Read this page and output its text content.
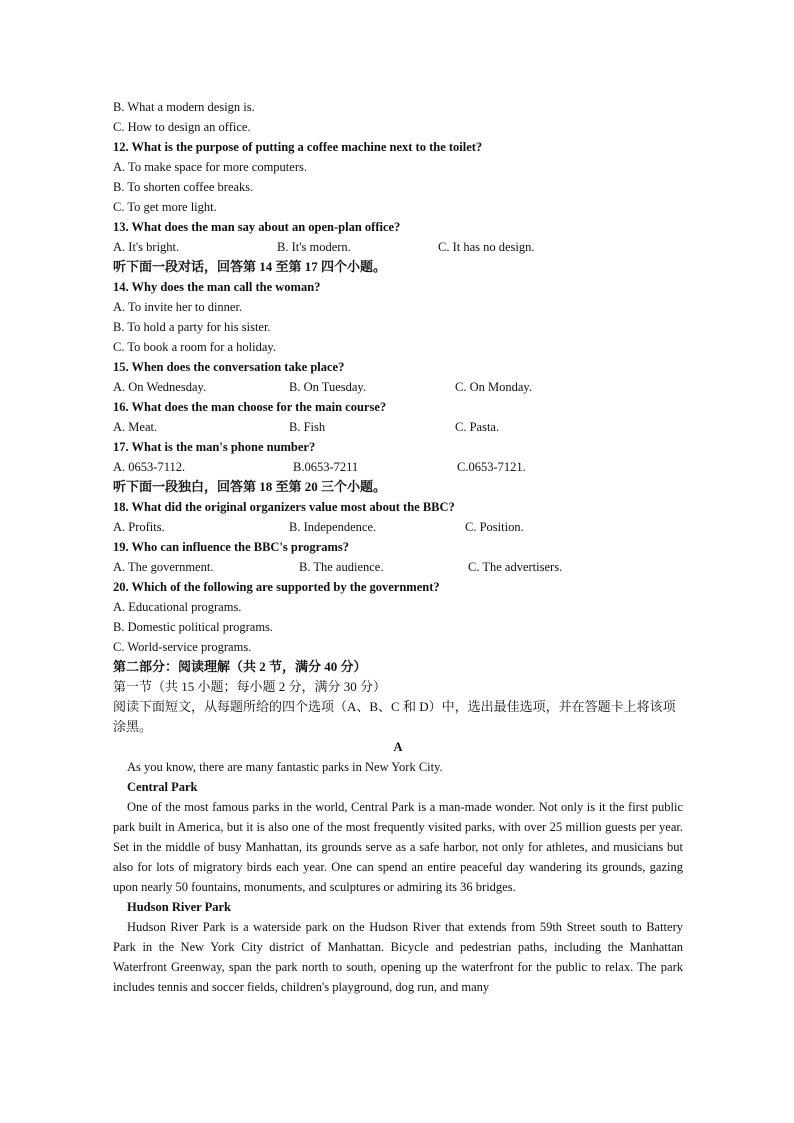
B. What a modern design is.
C. How to design an office.
12. What is the purpose of putting a coffee machine next to the toilet?
A. To make space for more computers.
B. To shorten coffee breaks.
C. To get more light.
13. What does the man say about an open-plan office?
A. It's bright.	B. It's modern.	C. It has no design.
听下面一段对话，回答第 14 至第 17 四个小题。
14. Why does the man call the woman?
A. To invite her to dinner.
B. To hold a party for his sister.
C. To book a room for a holiday.
15. When does the conversation take place?
A. On Wednesday.	B. On Tuesday.	C. On Monday.
16. What does the man choose for the main course?
A. Meat.	B. Fish	C. Pasta.
17. What is the man's phone number?
A. 0653-7112.	B.0653-7211	C.0653-7121.
听下面一段独白，回答第 18 至第 20 三个小题。
18. What did the original organizers value most about the BBC?
A. Profits.	B. Independence.	C. Position.
19. Who can influence the BBC's programs?
A. The government.	B. The audience.	C. The advertisers.
20. Which of the following are supported by the government?
A. Educational programs.
B. Domestic political programs.
C. World-service programs.
第二部分：阅读理解（共 2 节，满分 40 分）
第一节（共 15 小题；每小题 2 分，满分 30 分）
阅读下面短文，从每题所给的四个选项（A、B、C 和 D）中，选出最佳选项，并在答题卡上将该项涂黑。
A
As you know, there are many fantastic parks in New York City.
Central Park
One of the most famous parks in the world, Central Park is a man-made wonder. Not only is it the first public park built in America, but it is also one of the most frequently visited parks, with over 25 million guests per year. Set in the middle of busy Manhattan, its grounds serve as a safe harbor, not only for athletes, and musicians but also for lots of migratory birds each year. One can spend an entire peaceful day wandering its grounds, gazing upon nearly 50 fountains, monuments, and sculptures or admiring its 36 bridges.
Hudson River Park
Hudson River Park is a waterside park on the Hudson River that extends from 59th Street south to Battery Park in the New York City district of Manhattan. Bicycle and pedestrian paths, including the Manhattan Waterfront Greenway, span the park north to south, opening up the waterfront for the public to relax. The park includes tennis and soccer fields, children's playground, dog run, and many
